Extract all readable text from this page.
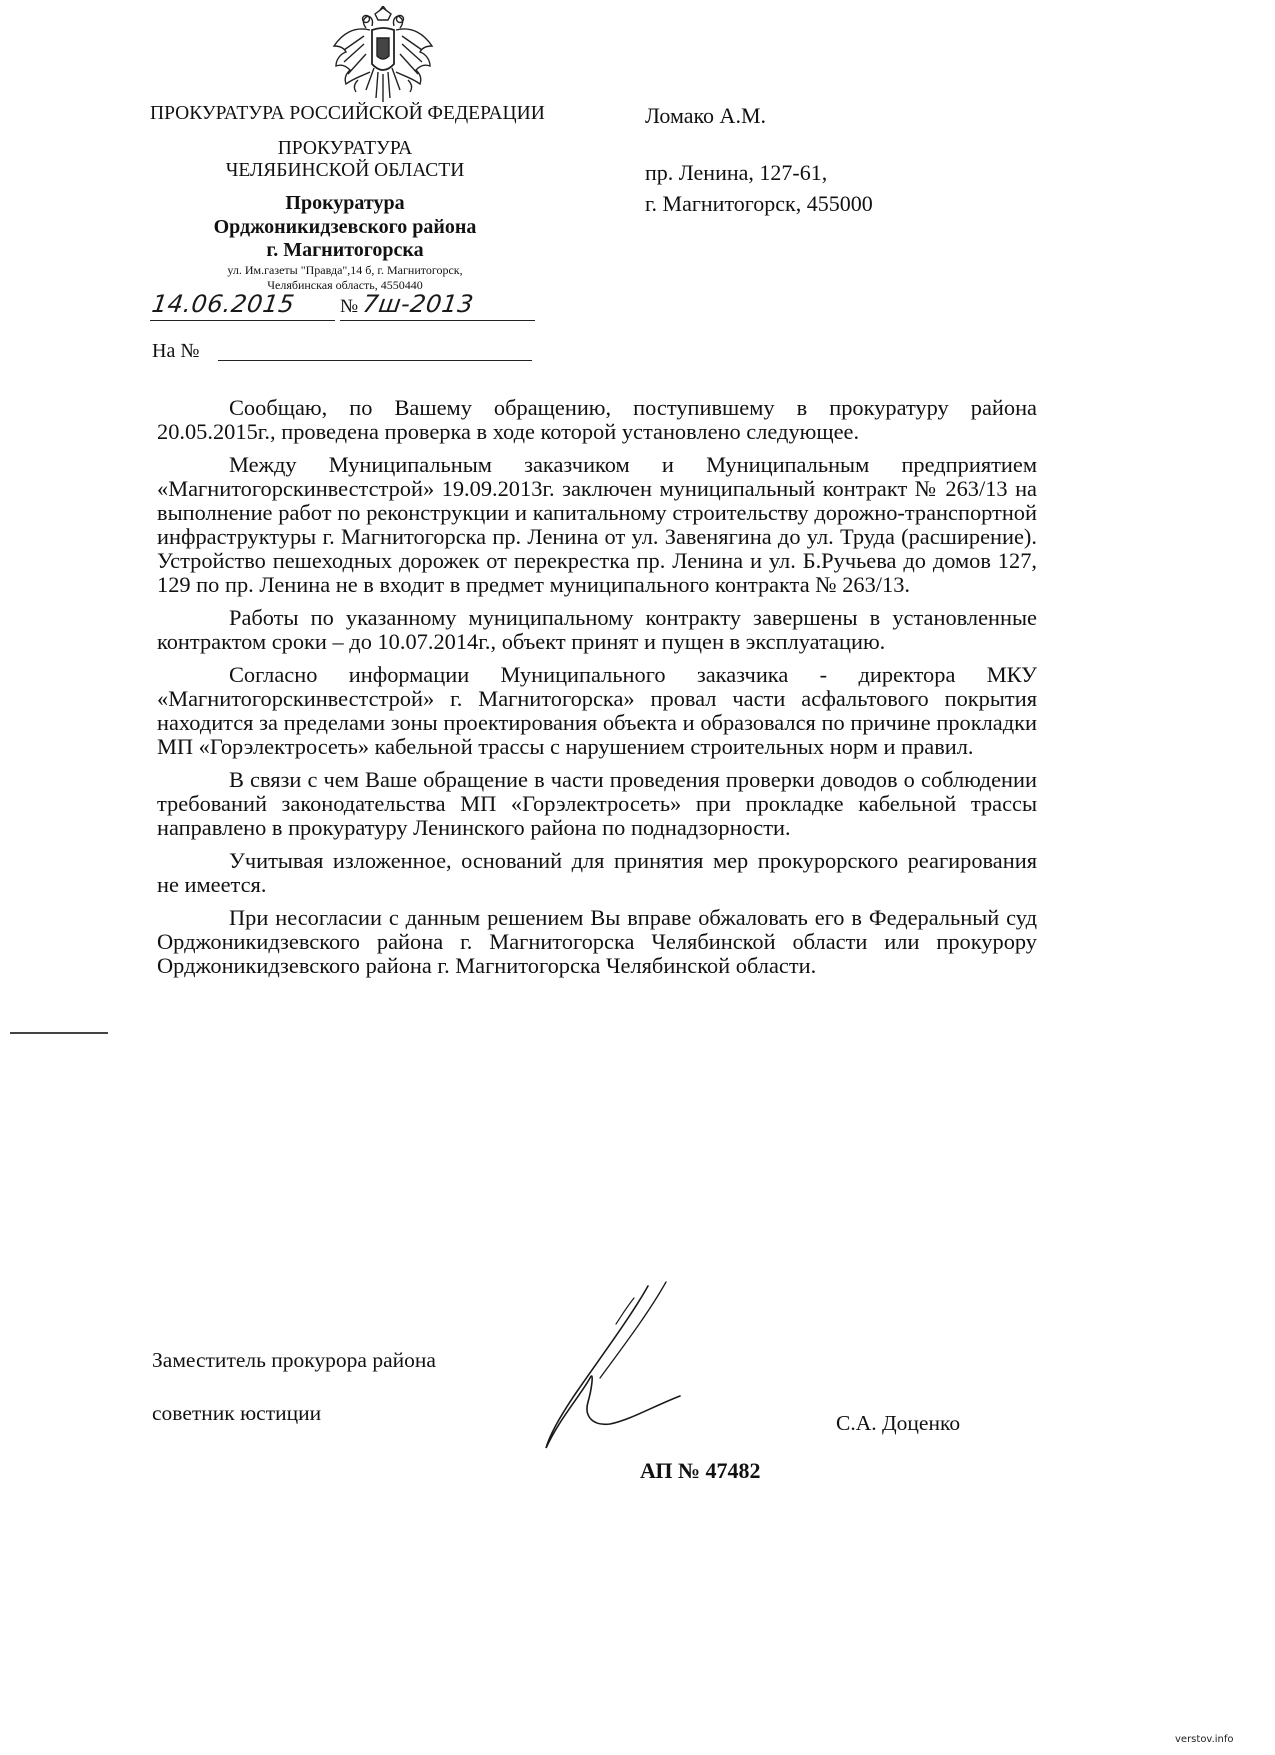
ПРОКУРАТУРА РОССИЙСКОЙ ФЕДЕРАЦИИ
ПРОКУРАТУРА
ЧЕЛЯБИНСКОЙ ОБЛАСТИ
Прокуратура
Орджоникидзевского района
г. Магнитогорска
ул. Им.газеты "Правда",14 б, г. Магнитогорск,
Челябинская область, 4550440
14.06.2015 № 7ш-2013
На №
Ломако А.М.
пр. Ленина, 127-61,
г. Магнитогорск, 455000

Сообщаю, по Вашему обращению, поступившему в прокуратуру района 20.05.2015г., проведена проверка в ходе которой установлено следующее.

Между Муниципальным заказчиком и Муниципальным предприятием «Магнитогорскинвестстрой» 19.09.2013г. заключен муниципальный контракт № 263/13 на выполнение работ по реконструкции и капитальному строительству дорожно-транспортной инфраструктуры г. Магнитогорска пр. Ленина от ул. Завенягина до ул. Труда (расширение). Устройство пешеходных дорожек от перекрестка пр. Ленина и ул. Б.Ручьева до домов 127, 129 по пр. Ленина не в входит в предмет муниципального контракта № 263/13.

Работы по указанному муниципальному контракту завершены в установленные контрактом сроки – до 10.07.2014г., объект принят и пущен в эксплуатацию.

Согласно информации Муниципального заказчика - директора МКУ «Магнитогорскинвестстрой» г. Магнитогорска» провал части асфальтового покрытия находится за пределами зоны проектирования объекта и образовался по причине прокладки МП «Горэлектросеть» кабельной трассы с нарушением строительных норм и правил.

В связи с чем Ваше обращение в части проведения проверки доводов о соблюдении требований законодательства МП «Горэлектросеть» при прокладке кабельной трассы направлено в прокуратуру Ленинского района по поднадзорности.

Учитывая изложенное, оснований для принятия мер прокурорского реагирования не имеется.

При несогласии с данным решением Вы вправе обжаловать его в Федеральный суд Орджоникидзевского района г. Магнитогорска Челябинской области или прокурору Орджоникидзевского района г. Магнитогорска Челябинской области.

Заместитель прокурора района
советник юстиции	С.А. Доценко
АП № 47482
verstov.info
